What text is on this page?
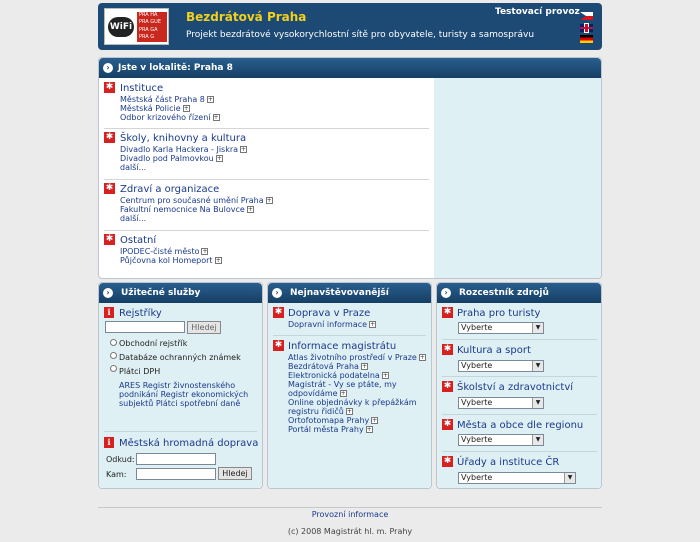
WiFi
PRA HA
PRA GUE
PRA GA
PRA G
Bezdrátová Praha
Projekt bezdrátové vysokorychlostní sítě pro obyvatele, turisty a samosprávu
Testovací provoz
› Jste v lokalitě: Praha 8
✱ Instituce
Městská část Praha 8 +
Městská Policie +
Odbor krizového řízení +
✱ Školy, knihovny a kultura
Divadlo Karla Hackera - Jiskra +
Divadlo pod Palmovkou +
další...
✱ Zdraví a organizace
Centrum pro současné umění Praha +
Fakultní nemocnice Na Bulovce +
další...
✱ Ostatní
IPODEC-čisté město +
Půjčovna kol Homeport +
›	Užitečné služby
i Rejstříky
Hledej
Obchodní rejstřík
Databáze ochranných známek
Plátci DPH
ARES Registr živnostenského podnikání Registr ekonomických subjektů Plátci spotřební daně
i Městská hromadná doprava
Odkud:
Kam:	Hledej
›	Nejnavštěvovanější
✱ Doprava v Praze
Dopravní informace +
✱ Informace magistrátu
Atlas životního prostředí v Praze +
Bezdrátová Praha +
Elektronická podatelna +
Magistrát - Vy se ptáte, my odpovídáme +
Online objednávky k přepážkám registru řidičů +
Ortofotomapa Prahy +
Portál města Prahy +
›	Rozcestník zdrojů
✱ Praha pro turisty
Vyberte	▼
✱ Kultura a sport
Vyberte	▼
✱ Školství a zdravotnictví
Vyberte	▼
✱ Města a obce dle regionu
Vyberte	▼
✱ Úřady a instituce ČR
Vyberte	▼
Provozní informace
(c) 2008 Magistrát hl. m. Prahy
